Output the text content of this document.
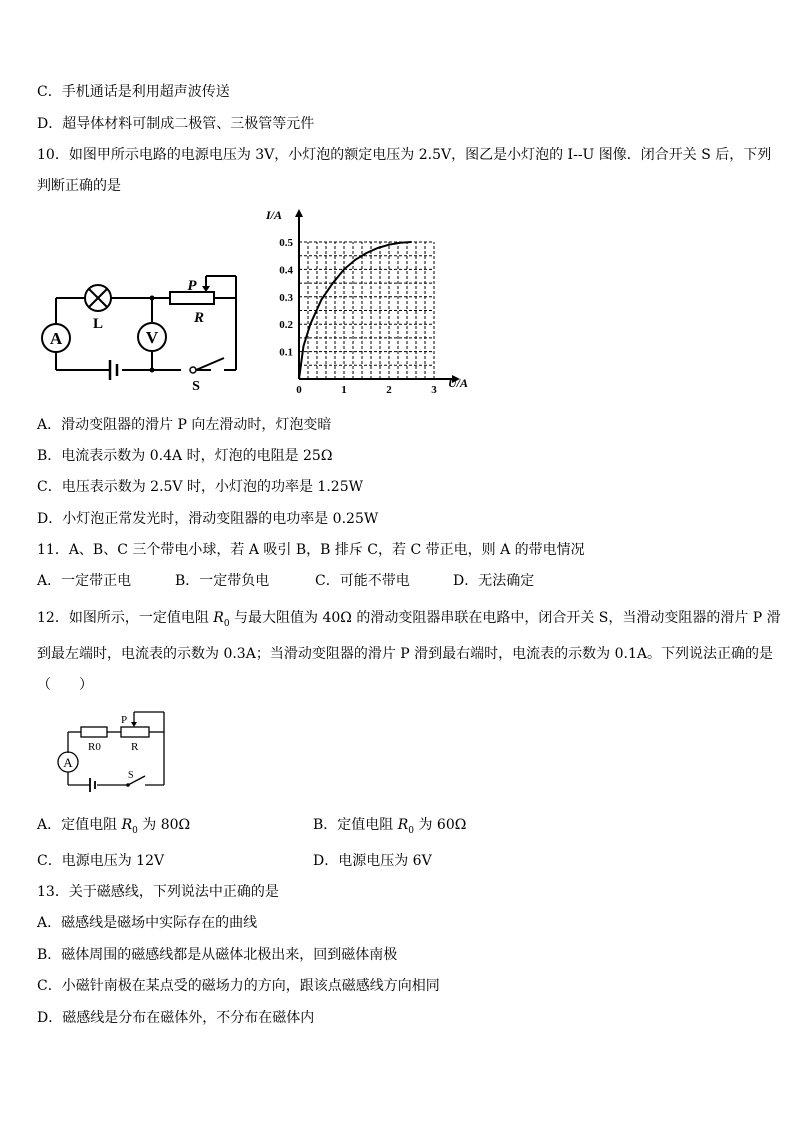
C．手机通话是利用超声波传送
D．超导体材料可制成二极管、三极管等元件
10．如图甲所示电路的电源电压为 3V，小灯泡的额定电压为 2.5V，图乙是小灯泡的 I--U 图像．闭合开关 S 后，下列
判断正确的是
A
L
P
R
V
S	0	1	2	3
0.1
0.2
0.3
0.4
0.5
I/A
U/A
A．滑动变阻器的滑片 P 向左滑动时，灯泡变暗
B．电流表示数为 0.4A 时，灯泡的电阻是 25Ω
C．电压表示数为 2.5V 时，小灯泡的功率是 1.25W
D．小灯泡正常发光时，滑动变阻器的电功率是 0.25W
11．A、B、C 三个带电小球，若 A 吸引 B，B 排斥 C，若 C 带正电，则 A 的带电情况
A．一定带正电	B．一定带负电	C．可能不带电	D．无法确定
12．如图所示，一定值电阻 $R_0$ 与最大阻值为 40Ω 的滑动变阻器串联在电路中，闭合开关 S，当滑动变阻器的滑片 P 滑
到最左端时，电流表的示数为 0.3A；当滑动变阻器的滑片 P 滑到最右端时，电流表的示数为 0.1A。下列说法正确的是
（　　）
A
P
R0	R
S
A．定值电阻 $R_0$ 为 80Ω	B．定值电阻 $R_0$ 为 60Ω
C．电源电压为 12V	D．电源电压为 6V
13．关于磁感线，下列说法中正确的是
A．磁感线是磁场中实际存在的曲线
B．磁体周围的磁感线都是从磁体北极出来，回到磁体南极
C．小磁针南极在某点受的磁场力的方向，跟该点磁感线方向相同
D．磁感线是分布在磁体外，不分布在磁体内
